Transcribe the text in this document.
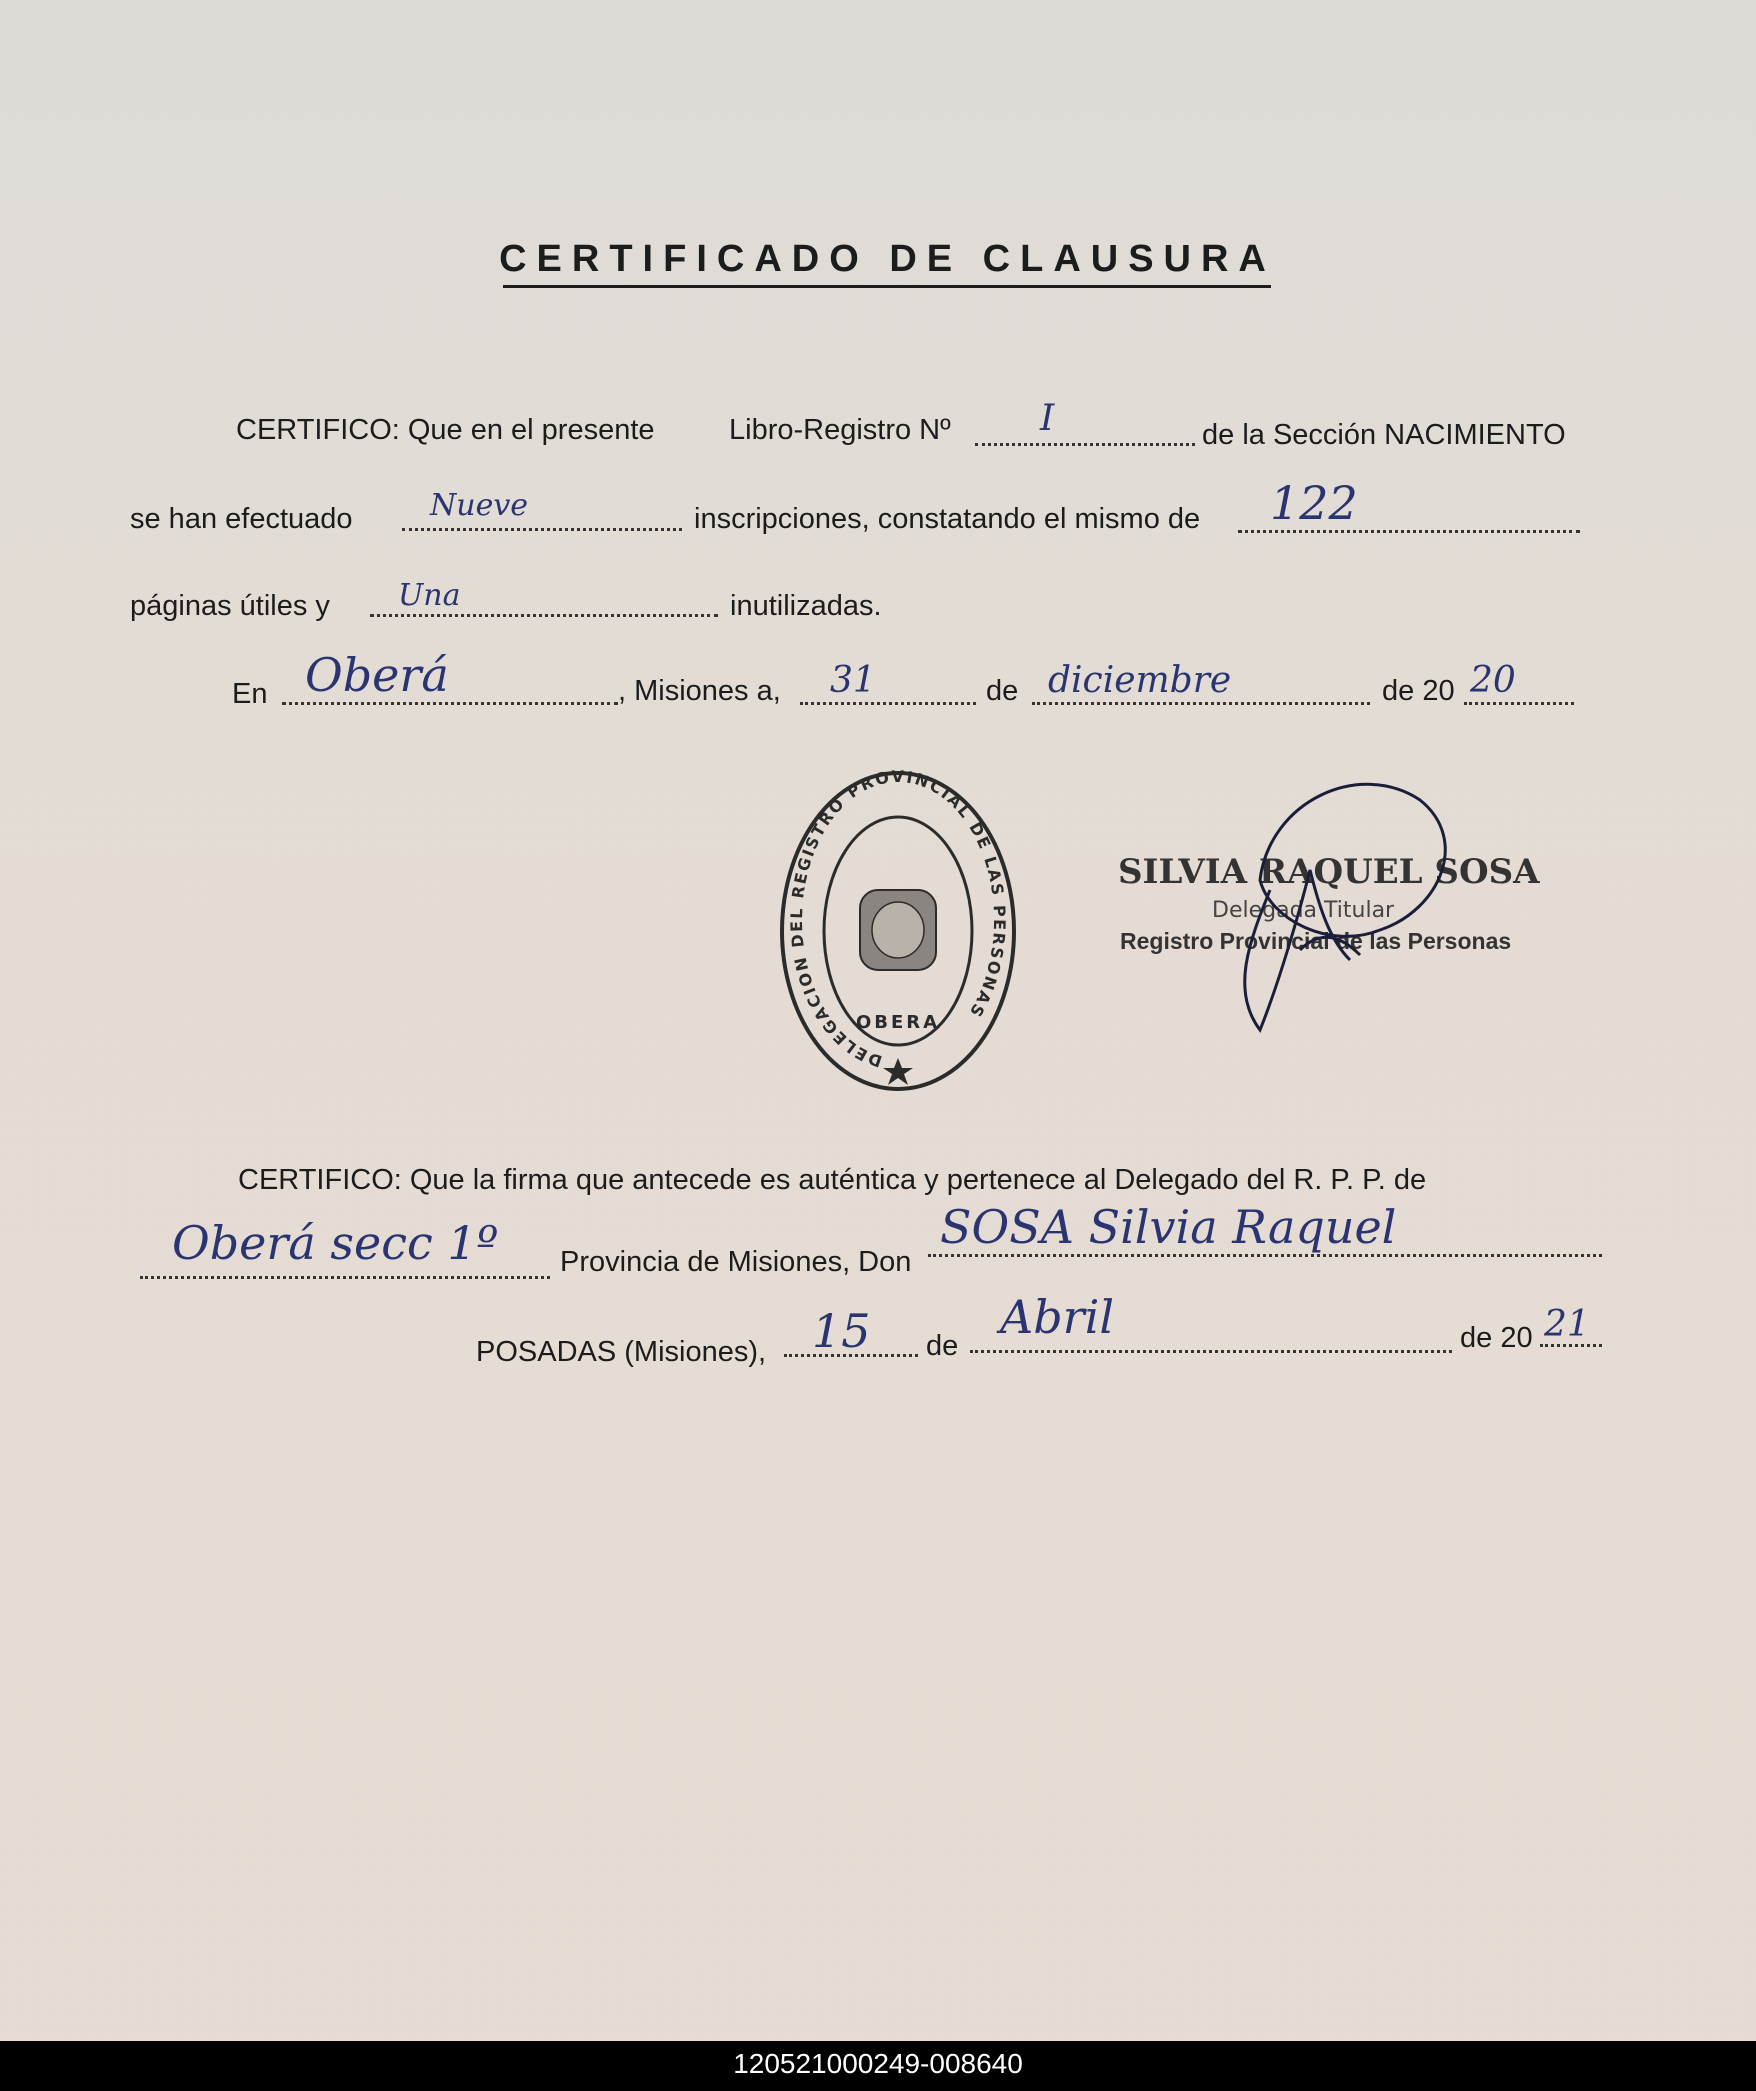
CERTIFICADO DE CLAUSURA
CERTIFICO: Que en el presente	Libro-Registro Nº I	de la Sección NACIMIENTO
se han efectuado	Nueve	inscripciones, constatando el mismo de 122
páginas útiles y Una	inutilizadas.
En Oberá	, Misiones a, 31	de diciembre	de 20 20
DELEGACION DEL REGISTRO PROVINCIAL DE LAS PERSONAS
OBERA
SILVIA RAQUEL SOSA
Delegada Titular
Registro Provincial de las Personas
CERTIFICO: Que la firma que antecede es auténtica y pertenece al Delegado del R. P. P. de
Oberá secc 1º Provincia de Misiones, Don
SOSA Silvia Raquel
POSADAS (Misiones), 15 de
Abril	de 20 21
120521000249-008640
